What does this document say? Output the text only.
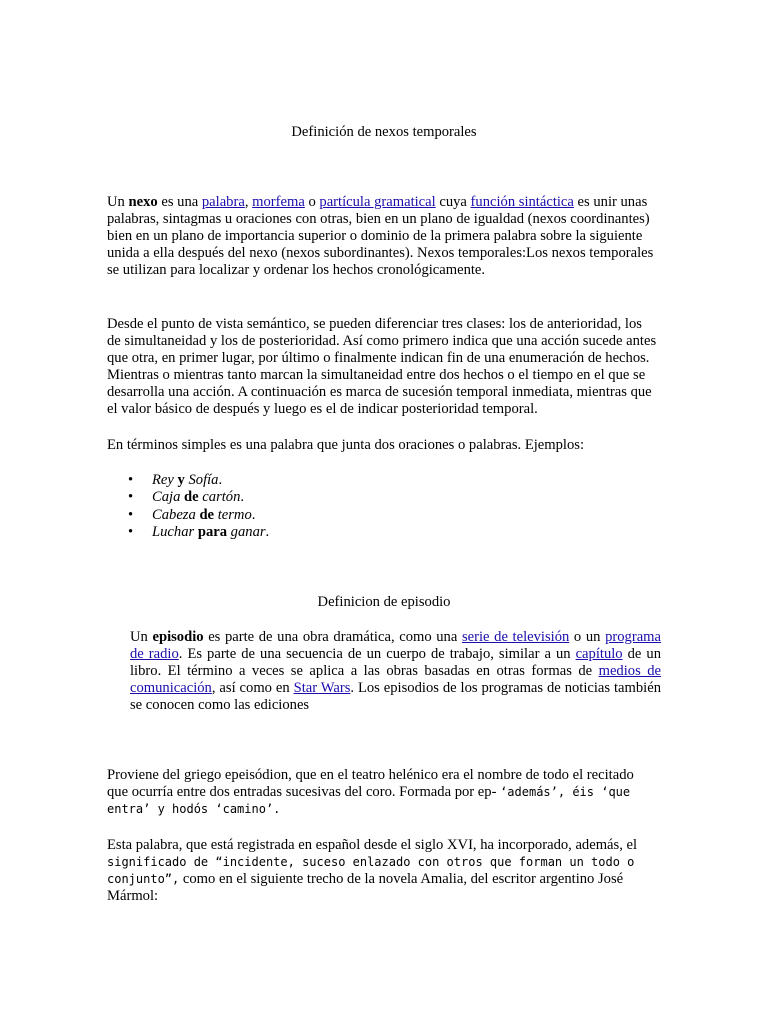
Definición de nexos temporales

Un nexo es una palabra, morfema o partícula gramatical cuya función sintáctica es unir unas palabras, sintagmas u oraciones con otras, bien en un plano de igualdad (nexos coordinantes) bien en un plano de importancia superior o dominio de la primera palabra sobre la siguiente unida a ella después del nexo (nexos subordinantes). Nexos temporales:Los nexos temporales se utilizan para localizar y ordenar los hechos cronológicamente.

Desde el punto de vista semántico, se pueden diferenciar tres clases: los de anterioridad, los de simultaneidad y los de posterioridad. Así como primero indica que una acción sucede antes que otra, en primer lugar, por último o finalmente indican fin de una enumeración de hechos. Mientras o mientras tanto marcan la simultaneidad entre dos hechos o el tiempo en el que se desarrolla una acción. A continuación es marca de sucesión temporal inmediata, mientras que el valor básico de después y luego es el de indicar posterioridad temporal.

En términos simples es una palabra que junta dos oraciones o palabras. Ejemplos:

• Rey y Sofía.
• Caja de cartón.
• Cabeza de termo.
• Luchar para ganar.
Definicion de episodio

Un episodio es parte de una obra dramática, como una serie de televisión o un programa de radio. Es parte de una secuencia de un cuerpo de trabajo, similar a un capítulo de un libro. El término a veces se aplica a las obras basadas en otras formas de medios de comunicación, así como en Star Wars. Los episodios de los programas de noticias también se conocen como las ediciones

Proviene del griego epeisódion, que en el teatro helénico era el nombre de todo el recitado que ocurría entre dos entradas sucesivas del coro. Formada por ep- ‘además’, éis ‘que entra’ y hodós ‘camino’.

Esta palabra, que está registrada en español desde el siglo XVI, ha incorporado, además, el significado de “incidente, suceso enlazado con otros que forman un todo o conjunto”, como en el siguiente trecho de la novela Amalia, del escritor argentino José Mármol:
